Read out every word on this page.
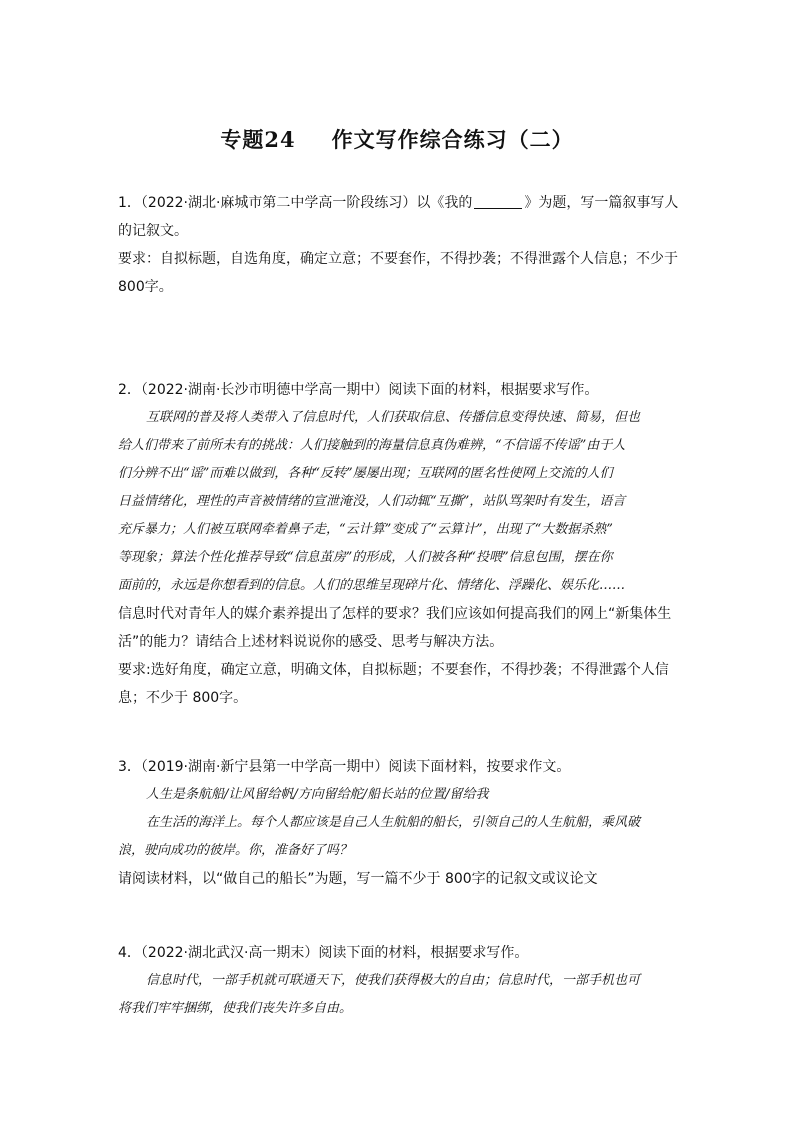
专题24 作文写作综合练习（二）
1．（2022·湖北·麻城市第二中学高一阶段练习）以《我的	》为题，写一篇叙事写人
的记叙文。
要求：自拟标题，自选角度，确定立意；不要套作，不得抄袭；不得泄露个人信息；不少于
800字。
2．（2022·湖南·长沙市明德中学高一期中）阅读下面的材料，根据要求写作。
互联网的普及将人类带入了信息时代，人们获取信息、传播信息变得快速、简易，但也
给人们带来了前所未有的挑战：人们接触到的海量信息真伪难辨，“不信谣不传谣”由于人
们分辨不出“谣”而难以做到，各种“反转”屡屡出现；互联网的匿名性使网上交流的人们
日益情绪化，理性的声音被情绪的宣泄淹没，人们动辄“互撕”，站队骂架时有发生，语言
充斥暴力；人们被互联网牵着鼻子走，“云计算”变成了“云算计”，出现了“大数据杀熟”
等现象；算法个性化推荐导致“信息茧房”的形成，人们被各种“投喂”信息包围，摆在你
面前的，永远是你想看到的信息。人们的思维呈现碎片化、情绪化、浮躁化、娱乐化……
信息时代对青年人的媒介素养提出了怎样的要求？我们应该如何提高我们的网上“新集体生
活”的能力？请结合上述材料说说你的感受、思考与解决方法。
要求:选好角度，确定立意，明确文体，自拟标题；不要套作，不得抄袭；不得泄露个人信
息；不少于 800字。
3．（2019·湖南·新宁县第一中学高一期中）阅读下面材料，按要求作文。
人生是条航船/让风留给帆/方向留给舵/船长站的位置/留给我
在生活的海洋上。每个人都应该是自己人生航船的船长，引领自己的人生航船，乘风破
浪，驶向成功的彼岸。你，准备好了吗？
请阅读材料，以“做自己的船长”为题，写一篇不少于 800字的记叙文或议论文
4．（2022·湖北武汉·高一期末）阅读下面的材料，根据要求写作。
信息时代，一部手机就可联通天下，使我们获得极大的自由；信息时代，一部手机也可
将我们牢牢捆绑，使我们丧失许多自由。
